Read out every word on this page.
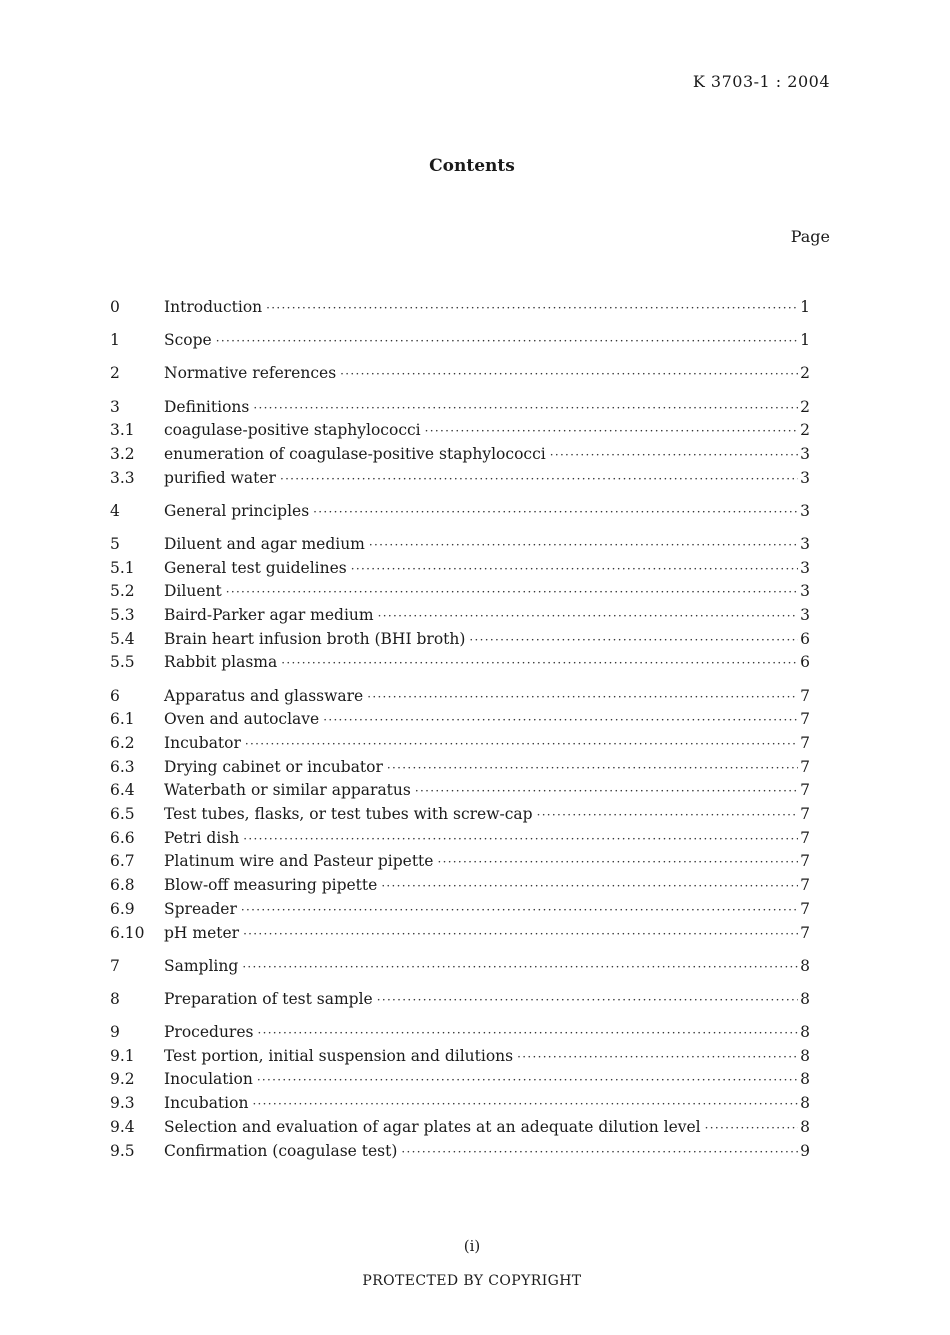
K 3703-1 : 2004
Contents
Page
0	Introduction ·····	1
1	Scope ·····	1
2	Normative references ·····	2
3	Definitions ·····	2
3.1	coagulase-positive staphylococci ·····	2
3.2	enumeration of coagulase-positive staphylococci ·····	3
3.3	purified water ·····	3
4	General principles ·····	3
5	Diluent and agar medium ·····	3
5.1	General test guidelines ·····	3
5.2	Diluent ·····	3
5.3	Baird-Parker agar medium ·····	3
5.4	Brain heart infusion broth (BHI broth) ·····	6
5.5	Rabbit plasma ·····	6
6	Apparatus and glassware ·····	7
6.1	Oven and autoclave ·····	7
6.2	Incubator ·····	7
6.3	Drying cabinet or incubator ·····	7
6.4	Waterbath or similar apparatus ·····	7
6.5	Test tubes, flasks, or test tubes with screw-cap ·····	7
6.6	Petri dish ·····	7
6.7	Platinum wire and Pasteur pipette ·····	7
6.8	Blow-off measuring pipette ·····	7
6.9	Spreader ·····	7
6.10	pH meter ·····	7
7	Sampling ·····	8
8	Preparation of test sample ·····	8
9	Procedures ·····	8
9.1	Test portion, initial suspension and dilutions ·····	8
9.2	Inoculation ·····	8
9.3	Incubation ·····	8
9.4	Selection and evaluation of agar plates at an adequate dilution level ·····	8
9.5	Confirmation (coagulase test) ·····	9
(i)
PROTECTED BY COPYRIGHT
